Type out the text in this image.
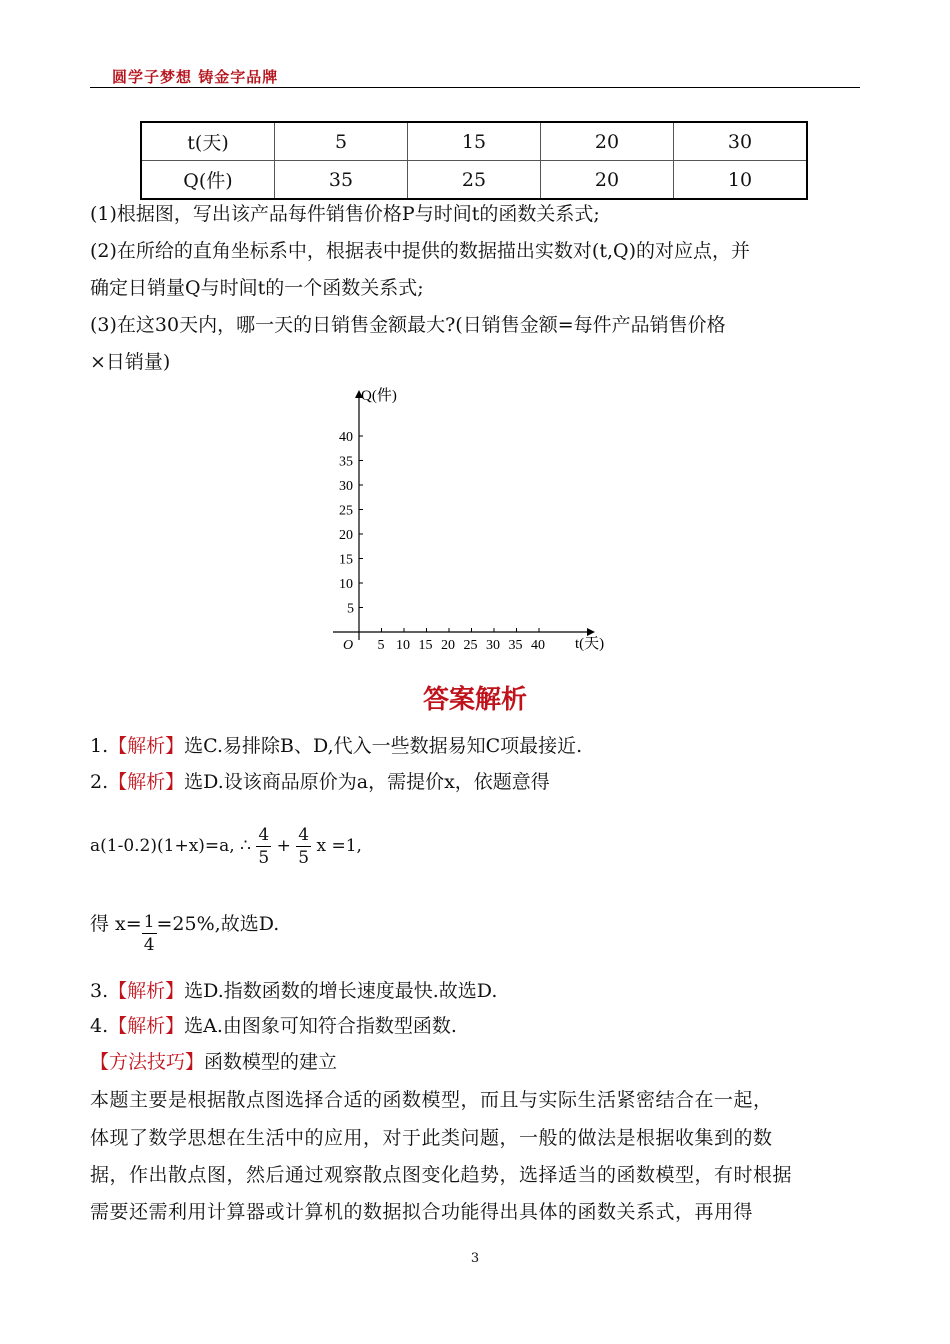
圆学子梦想 铸金字品牌
t(天)	5	15	20	30
Q(件)	35	25	20	10
(1)根据图，写出该产品每件销售价格P与时间t的函数关系式;
(2)在所给的直角坐标系中，根据表中提供的数据描出实数对(t,Q)的对应点，并
确定日销量Q与时间t的一个函数关系式;
(3)在这30天内，哪一天的日销售金额最大?(日销售金额=每件产品销售价格
×日销量)
O 5 10 15 20 25 30 35 40
5
10
15
20
25
30
35
40
Q(件)
t(天)
答案解析
1.【解析】选C.易排除B、D,代入一些数据易知C项最接近.
2.【解析】选D.设该商品原价为a，需提价x，依题意得
a(1-0.2)(1+x)=a, ∴ $\frac{4}{5} + \frac{4}{5}$ x =1,
得 $x= \frac{1}{4} =25\%$,故选D.
3.【解析】选D.指数函数的增长速度最快.故选D.
4.【解析】选A.由图象可知符合指数型函数.
【方法技巧】函数模型的建立
本题主要是根据散点图选择合适的函数模型，而且与实际生活紧密结合在一起，
体现了数学思想在生活中的应用，对于此类问题，一般的做法是根据收集到的数
据，作出散点图，然后通过观察散点图变化趋势，选择适当的函数模型，有时根据
需要还需利用计算器或计算机的数据拟合功能得出具体的函数关系式，再用得
3
